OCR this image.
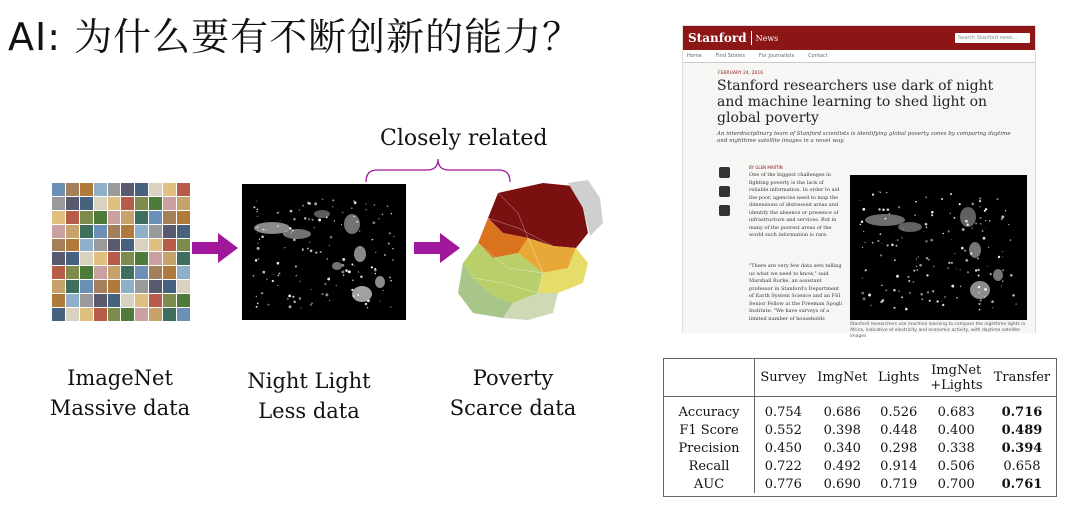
AI: 为什么要有不断创新的能力？
Closely related
ImageNet
Massive data
Night Light
Less data
Poverty
Scarce data
Stanford News	Search Stanford news...
Home	Find Stories	For Journalists	Contact
FEBRUARY 24, 2016
Stanford researchers use dark of night and machine learning to shed light on global poverty
An interdisciplinary team of Stanford scientists is identifying global poverty zones by comparing daytime and nighttime satellite images in a novel way.
BY GLEN MARTIN
One of the biggest challenges in fighting poverty is the lack of reliable information. In order to aid the poor, agencies need to map the dimensions of distressed areas and identify the absence or presence of infrastructure and services. But in many of the poorest areas of the world such information is rare.
"There are very few data sets telling us what we need to know," said Marshall Burke, an assistant professor in Stanford's Department of Earth System Science and an FSI Senior Fellow at the Freeman Spogli Institute. "We have surveys of a limited number of households
Stanford researchers use machine learning to compare the nighttime lights in Africa, indicative of electricity and economic activity, with daytime satellite images
	Survey	ImgNet	Lights	ImgNet +Lights	Transfer
Accuracy	0.754	0.686	0.526	0.683	0.716
F1 Score	0.552	0.398	0.448	0.400	0.489
Precision	0.450	0.340	0.298	0.338	0.394
Recall	0.722	0.492	0.914	0.506	0.658
AUC	0.776	0.690	0.719	0.700	0.761
